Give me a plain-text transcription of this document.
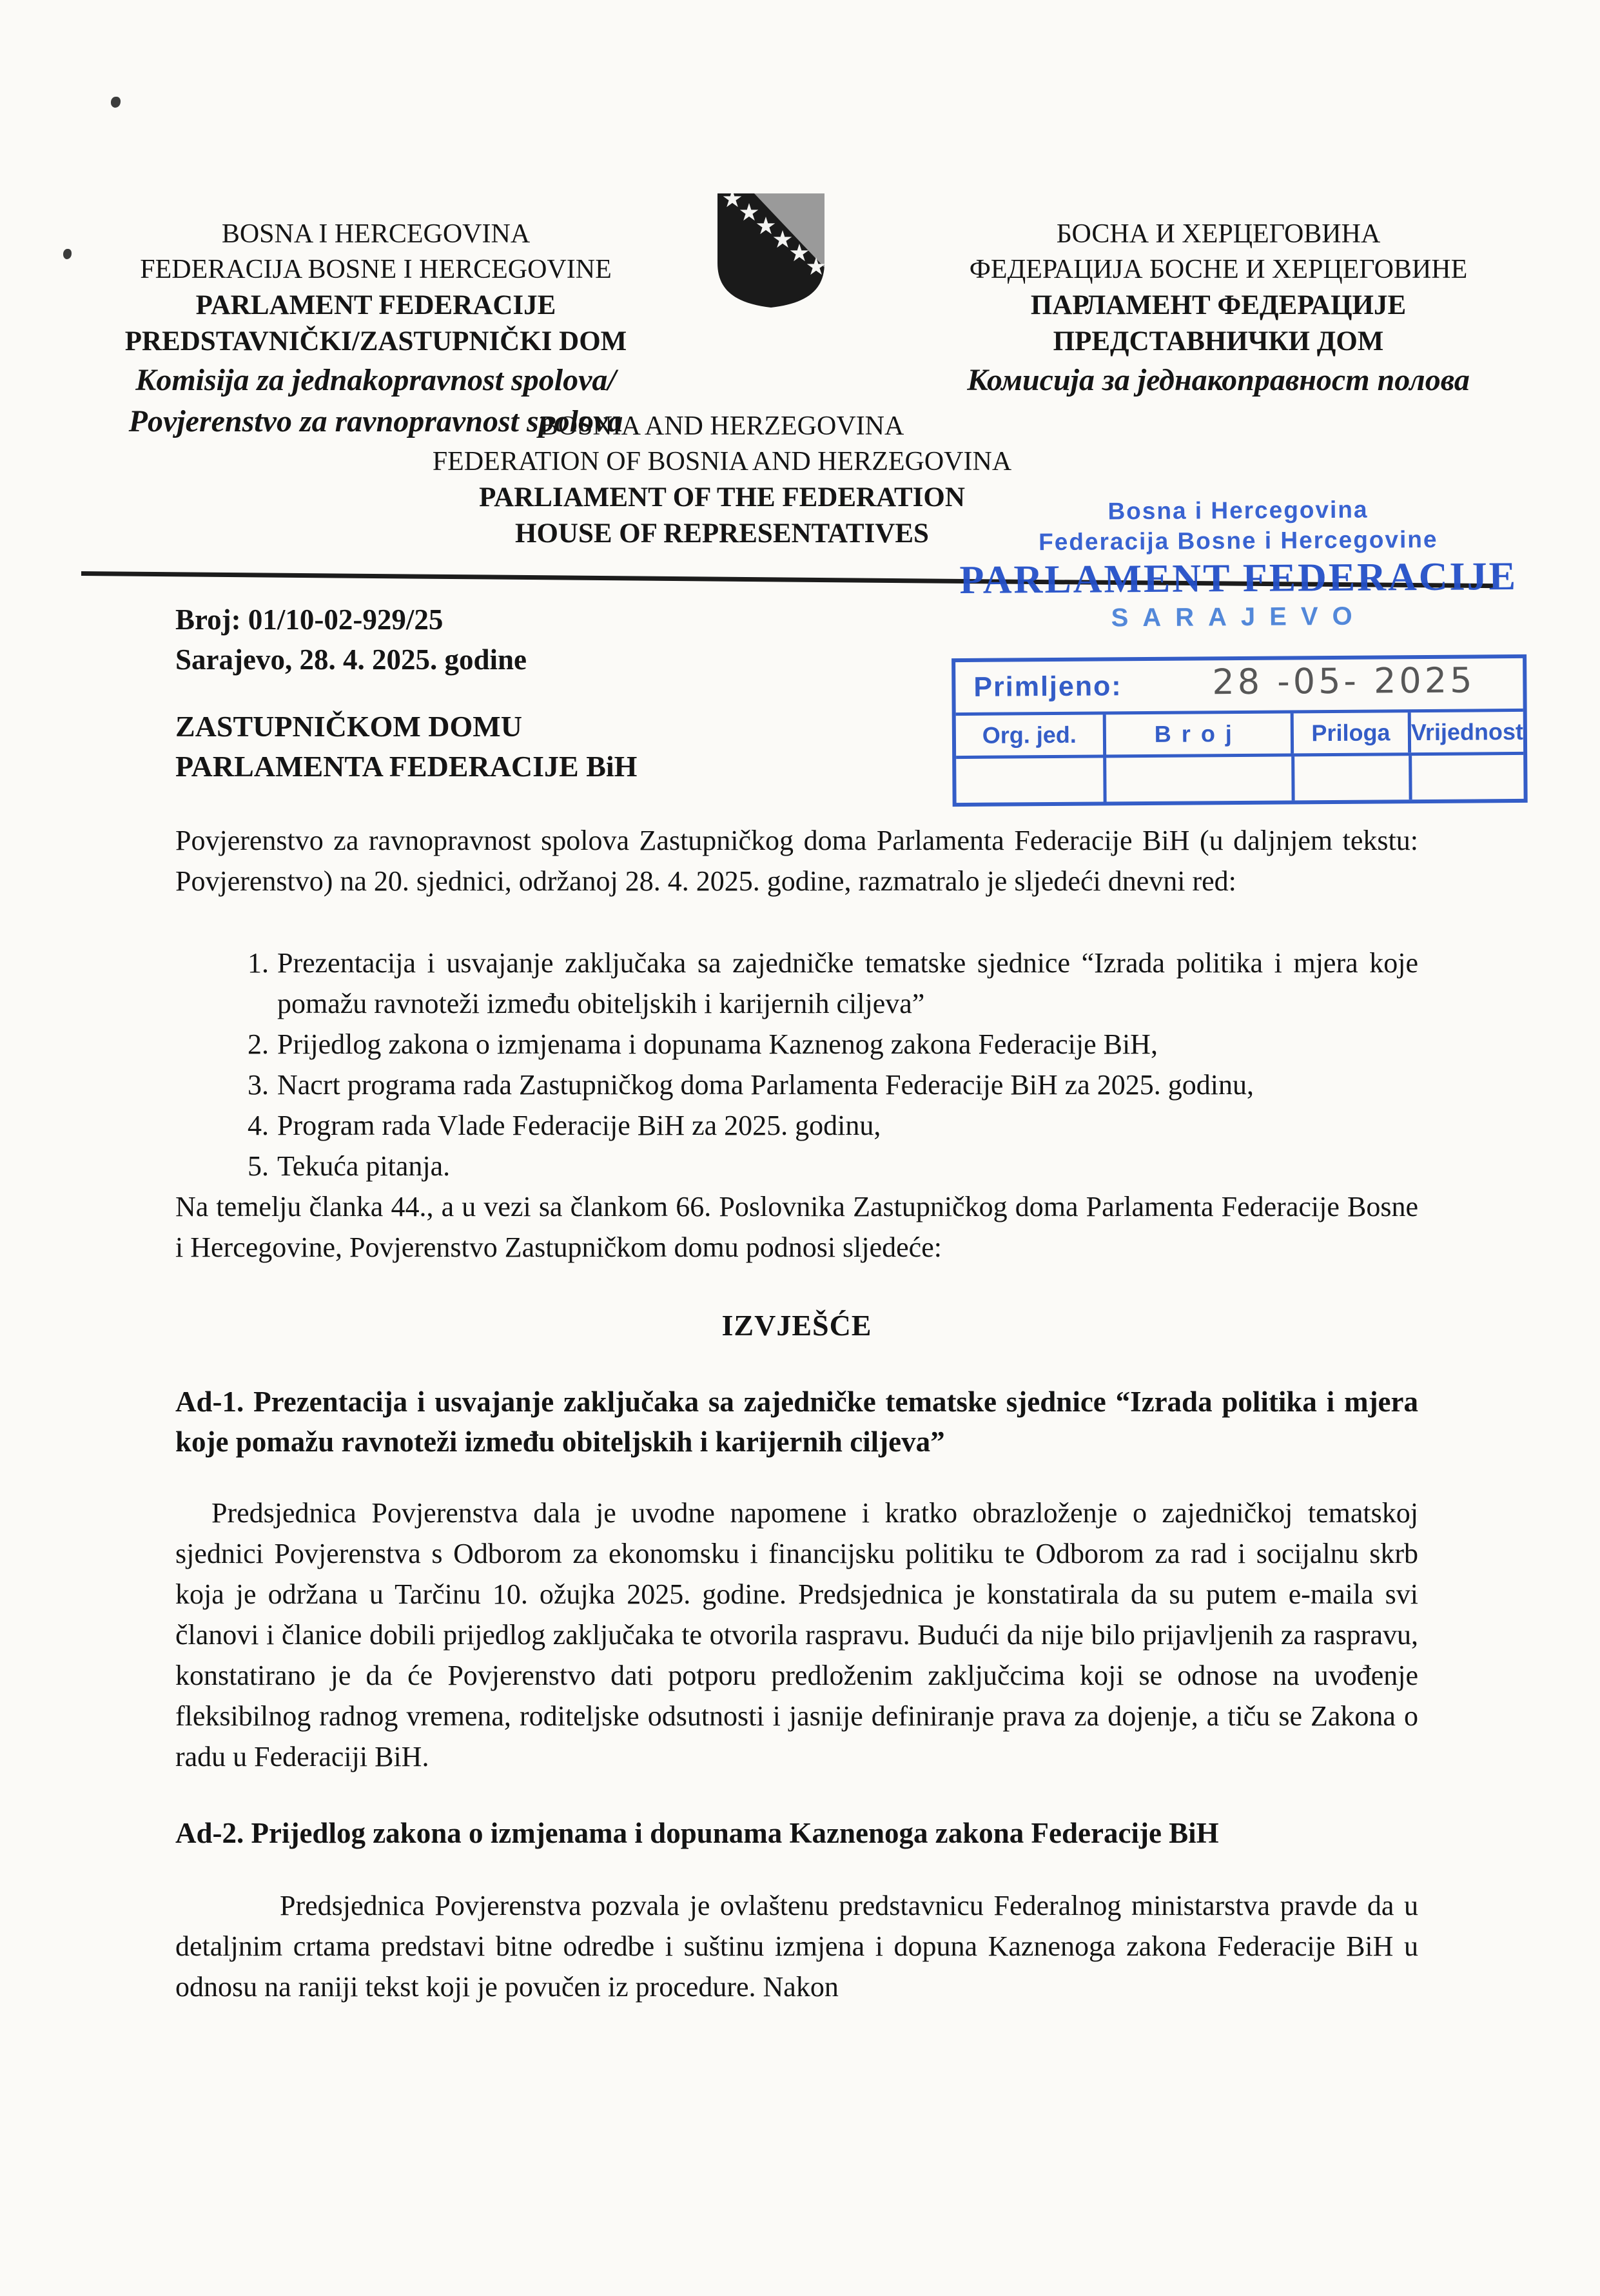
BOSNA I HERCEGOVINA
FEDERACIJA BOSNE I HERCEGOVINE
PARLAMENT FEDERACIJE
PREDSTAVNIČKI/ZASTUPNIČKI DOM
Komisija za jednakopravnost spolova/
Povjerenstvo za ravnopravnost spolova
БОСНА И ХЕРЦЕГОВИНА
ФЕДЕРАЦИЈА БОСНЕ И ХЕРЦЕГОВИНЕ
ПАРЛАМЕНТ ФЕДЕРАЦИЈЕ
ПРЕДСТАВНИЧКИ ДОМ
Комисија за једнакоправност полова
BOSNIA AND HERZEGOVINA
FEDERATION OF BOSNIA AND HERZEGOVINA
PARLIAMENT OF THE FEDERATION
HOUSE OF REPRESENTATIVES
Broj: 01/10-02-929/25
Sarajevo, 28. 4. 2025. godine
ZASTUPNIČKOM DOMU
PARLAMENTA FEDERACIJE BiH
Bosna i Hercegovina
Federacija Bosne i Hercegovine
PARLAMENT FEDERACIJE
SARAJEVO
Primljeno:
Org. jed.	Broj	Priloga Vrijednost
28 -05- 2025

Povjerenstvo za ravnopravnost spolova Zastupničkog doma Parlamenta Federacije BiH (u daljnjem tekstu: Povjerenstvo) na 20. sjednici, održanoj 28. 4. 2025. godine, razmatralo je sljedeći dnevni red:

1. Prezentacija i usvajanje zaključaka sa zajedničke tematske sjednice “Izrada politika i mjera koje pomažu ravnoteži između obiteljskih i karijernih ciljeva”
2. Prijedlog zakona o izmjenama i dopunama Kaznenog zakona Federacije BiH,
3. Nacrt programa rada Zastupničkog doma Parlamenta Federacije BiH za 2025. godinu,
4. Program rada Vlade Federacije BiH za 2025. godinu,
5. Tekuća pitanja.

Na temelju članka 44., a u vezi sa člankom 66. Poslovnika Zastupničkog doma Parlamenta Federacije Bosne i Hercegovine, Povjerenstvo Zastupničkom domu podnosi sljedeće:

IZVJEŠĆE
Ad-1. Prezentacija i usvajanje zaključaka sa zajedničke tematske sjednice “Izrada politika i mjera koje pomažu ravnoteži između obiteljskih i karijernih ciljeva”

Predsjednica Povjerenstva dala je uvodne napomene i kratko obrazloženje o zajedničkoj tematskoj sjednici Povjerenstva s Odborom za ekonomsku i financijsku politiku te Odborom za rad i socijalnu skrb koja je održana u Tarčinu 10. ožujka 2025. godine. Predsjednica je konstatirala da su putem e-maila svi članovi i članice dobili prijedlog zaključaka te otvorila raspravu. Budući da nije bilo prijavljenih za raspravu, konstatirano je da će Povjerenstvo dati potporu predloženim zaključcima koji se odnose na uvođenje fleksibilnog radnog vremena, roditeljske odsutnosti i jasnije definiranje prava za dojenje, a tiču se Zakona o radu u Federaciji BiH.

Ad-2. Prijedlog zakona o izmjenama i dopunama Kaznenoga zakona Federacije BiH

Predsjednica Povjerenstva pozvala je ovlaštenu predstavnicu Federalnog ministarstva pravde da u detaljnim crtama predstavi bitne odredbe i suštinu izmjena i dopuna Kaznenoga zakona Federacije BiH u odnosu na raniji tekst koji je povučen iz procedure. Nakon
